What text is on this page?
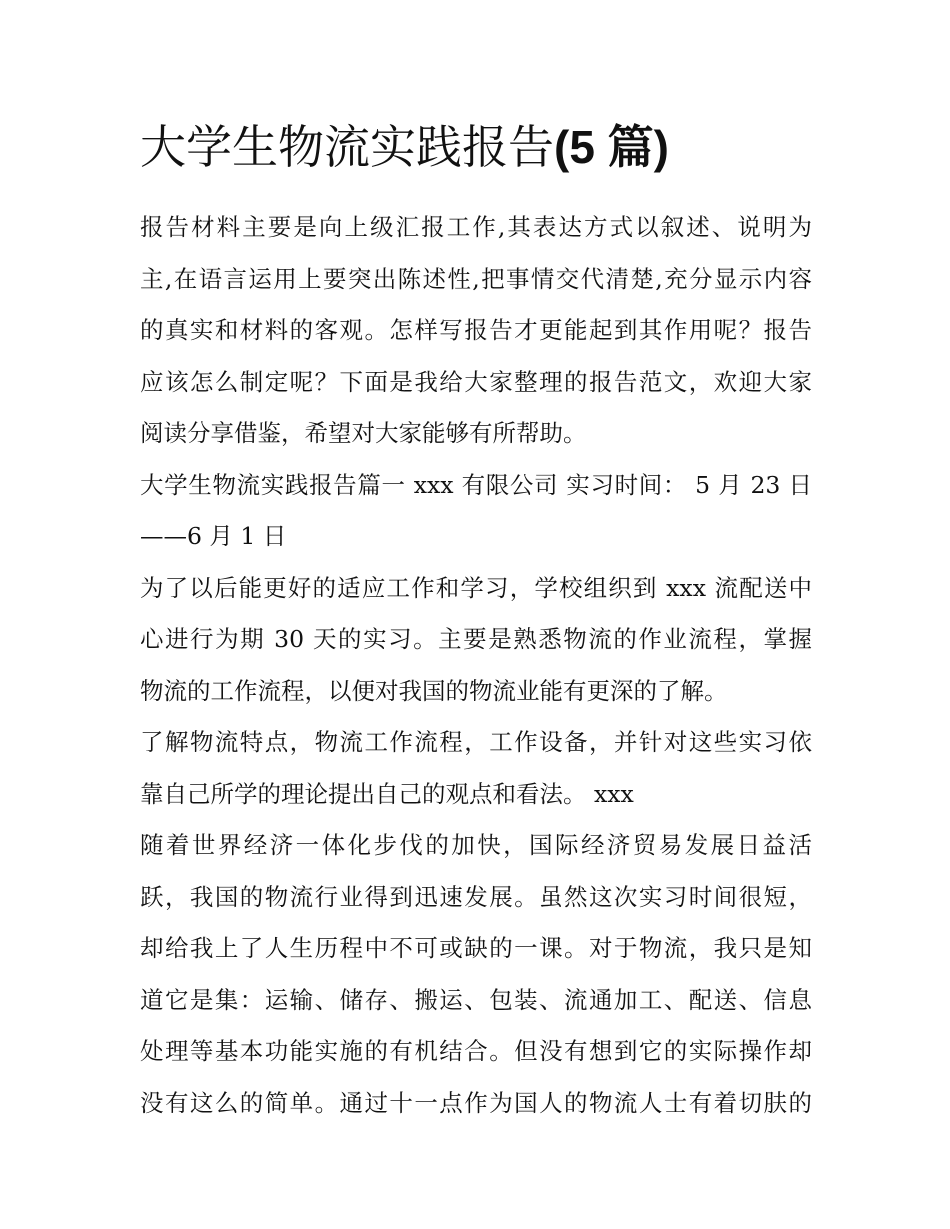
大学生物流实践报告(5 篇)
报告材料主要是向上级汇报工作,其表达方式以叙述、说明为
主,在语言运用上要突出陈述性,把事情交代清楚,充分显示内容
的真实和材料的客观。怎样写报告才更能起到其作用呢？报告
应该怎么制定呢？下面是我给大家整理的报告范文，欢迎大家
阅读分享借鉴，希望对大家能够有所帮助。
大学生物流实践报告篇一 xxx 有限公司 实习时间： 5 月 23 日
——6 月 1 日
为了以后能更好的适应工作和学习，学校组织到 xxx 流配送中
心进行为期 30 天的实习。主要是熟悉物流的作业流程，掌握
物流的工作流程，以便对我国的物流业能有更深的了解。
了解物流特点，物流工作流程，工作设备，并针对这些实习依
靠自己所学的理论提出自己的观点和看法。 xxx
随着世界经济一体化步伐的加快，国际经济贸易发展日益活
跃，我国的物流行业得到迅速发展。虽然这次实习时间很短，
却给我上了人生历程中不可或缺的一课。对于物流，我只是知
道它是集：运输、储存、搬运、包装、流通加工、配送、信息
处理等基本功能实施的有机结合。但没有想到它的实际操作却
没有这么的简单。通过十一点作为国人的物流人士有着切肤的
